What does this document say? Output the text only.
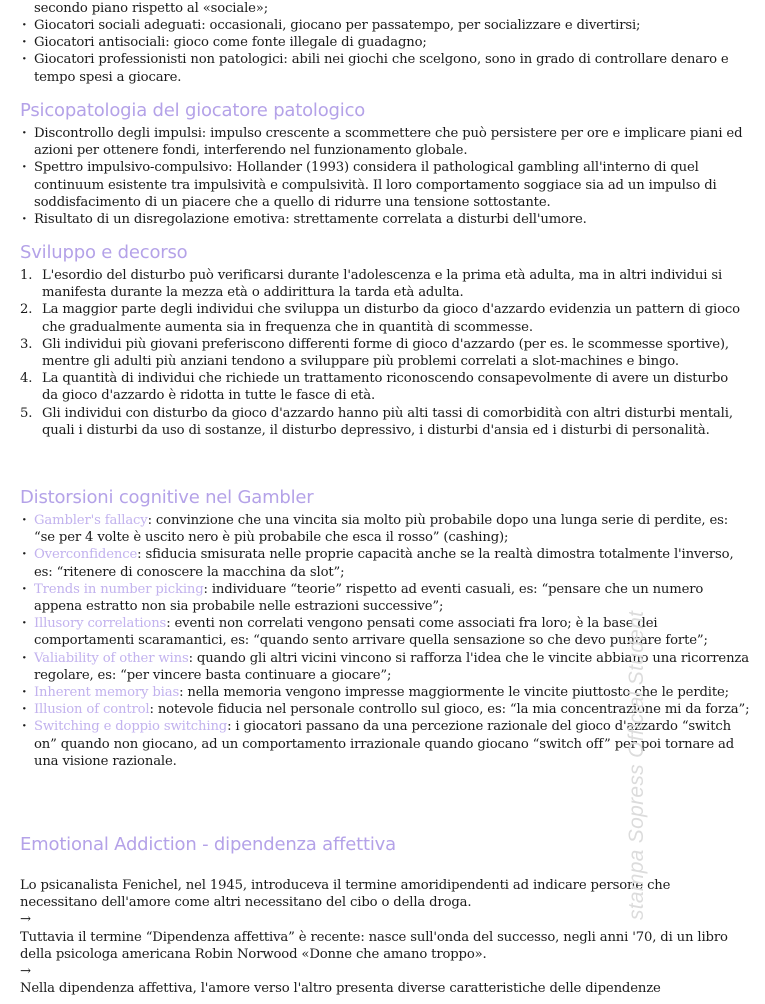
secondo piano rispetto al «sociale»;
· Giocatori sociali adeguati: occasionali, giocano per passatempo, per socializzare e divertirsi;
· Giocatori antisociali: gioco come fonte illegale di guadagno;
· Giocatori professionisti non patologici: abili nei giochi che scelgono, sono in grado di controllare denaro e tempo spesi a giocare.
Psicopatologia del giocatore patologico
· Discontrollo degli impulsi: impulso crescente a scommettere che può persistere per ore e implicare piani ed azioni per ottenere fondi, interferendo nel funzionamento globale.
· Spettro impulsivo-compulsivo: Hollander (1993) considera il pathological gambling all'interno di quel continuum esistente tra impulsività e compulsività. Il loro comportamento soggiace sia ad un impulso di soddisfacimento di un piacere che a quello di ridurre una tensione sottostante.
· Risultato di un disregolazione emotiva: strettamente correlata a disturbi dell'umore.
Sviluppo e decorso
1. L'esordio del disturbo può verificarsi durante l'adolescenza e la prima età adulta, ma in altri individui si manifesta durante la mezza età o addirittura la tarda età adulta.
2. La maggior parte degli individui che sviluppa un disturbo da gioco d'azzardo evidenzia un pattern di gioco che gradualmente aumenta sia in frequenza che in quantità di scommesse.
3. Gli individui più giovani preferiscono differenti forme di gioco d'azzardo (per es. le scommesse sportive), mentre gli adulti più anziani tendono a sviluppare più problemi correlati a slot-machines e bingo.
4. La quantità di individui che richiede un trattamento riconoscendo consapevolmente di avere un disturbo da gioco d'azzardo è ridotta in tutte le fasce di età.
5. Gli individui con disturbo da gioco d'azzardo hanno più alti tassi di comorbidità con altri disturbi mentali, quali i disturbi da uso di sostanze, il disturbo depressivo, i disturbi d'ansia ed i disturbi di personalità.
Distorsioni cognitive nel Gambler
· Gambler's fallacy: convinzione che una vincita sia molto più probabile dopo una lunga serie di perdite, es: “se per 4 volte è uscito nero è più probabile che esca il rosso” (cashing);
· Overconfidence: sfiducia smisurata nelle proprie capacità anche se la realtà dimostra totalmente l'inverso, es: “ritenere di conoscere la macchina da slot”;
· Trends in number picking: individuare “teorie” rispetto ad eventi casuali, es: “pensare che un numero appena estratto non sia probabile nelle estrazioni successive”;
· Illusory correlations: eventi non correlati vengono pensati come associati fra loro; è la base dei comportamenti scaramantici, es: “quando sento arrivare quella sensazione so che devo puntare forte”;
· Valiability of other wins: quando gli altri vicini vincono si rafforza l'idea che le vincite abbiano una ricorrenza regolare, es: “per vincere basta continuare a giocare”;
· Inherent memory bias: nella memoria vengono impresse maggiormente le vincite piuttosto che le perdite;
· Illusion of control: notevole fiducia nel personale controllo sul gioco, es: “la mia concentrazione mi da forza”;
· Switching e doppio switching: i giocatori passano da una percezione razionale del gioco d'azzardo “switch on” quando non giocano, ad un comportamento irrazionale quando giocano “switch off” per poi tornare ad una visione razionale.
Emotional Addiction - dipendenza affettiva
Lo psicanalista Fenichel, nel 1945, introduceva il termine amoridipendenti ad indicare persone che necessitano dell'amore come altri necessitano del cibo o della droga.
→
Tuttavia il termine “Dipendenza affettiva” è recente: nasce sull'onda del successo, negli anni '70, di un libro della psicologa americana Robin Norwood «Donne che amano troppo».
→
Nella dipendenza affettiva, l'amore verso l'altro presenta diverse caratteristiche delle dipendenze
stampa Sopress Official Student
